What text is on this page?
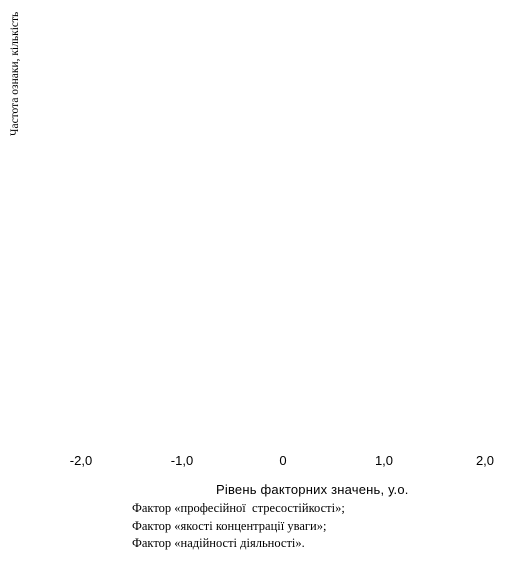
Частота ознаки, кількість
-2,0	-1,0	0	1,0	2,0
Рівень факторних значень, у.о.
Фактор «професійної  стресостійкості»;
Фактор «якості концентрації уваги»;
Фактор «надійності діяльності».
